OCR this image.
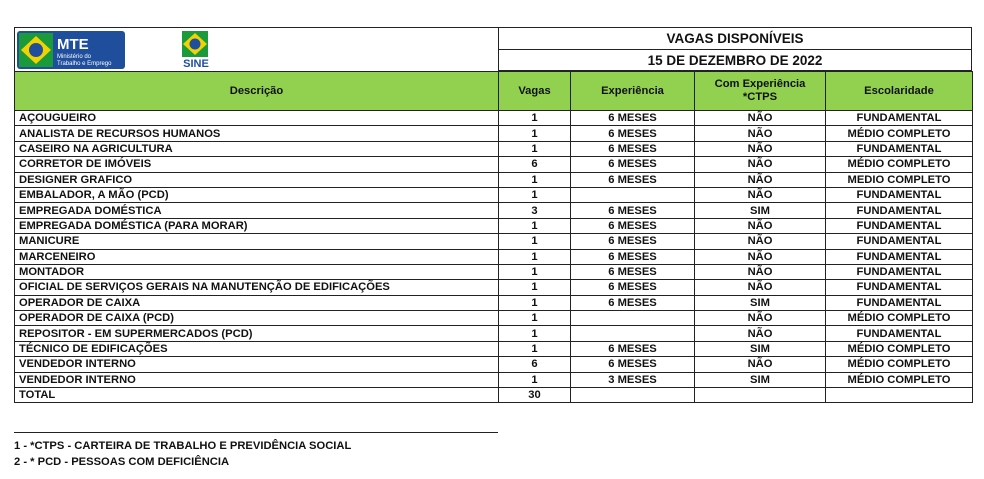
MTE
Ministério do
Trabalho e Emprego	SINE
VAGAS DISPONÍVEIS
15 DE DEZEMBRO DE 2022
Descrição	Vagas	Experiência	Com Experiência *CTPS	Escolaridade
AÇOUGUEIRO	1	6 MESES	NÃO	FUNDAMENTAL
ANALISTA DE RECURSOS HUMANOS	1	6 MESES	NÃO	MÉDIO COMPLETO
CASEIRO NA AGRICULTURA	1	6 MESES	NÃO	FUNDAMENTAL
CORRETOR DE IMÓVEIS	6	6 MESES	NÃO	MÉDIO COMPLETO
DESIGNER GRAFICO	1	6 MESES	NÃO	MEDIO COMPLETO
EMBALADOR, A MÃO (PCD)	1		NÃO	FUNDAMENTAL
EMPREGADA DOMÉSTICA	3	6 MESES	SIM	FUNDAMENTAL
EMPREGADA DOMÉSTICA (PARA MORAR)	1	6 MESES	NÃO	FUNDAMENTAL
MANICURE	1	6 MESES	NÃO	FUNDAMENTAL
MARCENEIRO	1	6 MESES	NÃO	FUNDAMENTAL
MONTADOR	1	6 MESES	NÃO	FUNDAMENTAL
OFICIAL DE SERVIÇOS GERAIS NA MANUTENÇÃO DE EDIFICAÇÕES	1	6 MESES	NÃO	FUNDAMENTAL
OPERADOR DE CAIXA	1	6 MESES	SIM	FUNDAMENTAL
OPERADOR DE CAIXA (PCD)	1		NÃO	MÉDIO COMPLETO
REPOSITOR - EM SUPERMERCADOS (PCD)	1		NÃO	FUNDAMENTAL
TÉCNICO DE EDIFICAÇÕES	1	6 MESES	SIM	MÉDIO COMPLETO
VENDEDOR INTERNO	6	6 MESES	NÃO	MÉDIO COMPLETO
VENDEDOR INTERNO	1	3 MESES	SIM	MÉDIO COMPLETO
TOTAL	30			
1 - *CTPS - CARTEIRA DE TRABALHO E PREVIDÊNCIA SOCIAL
2 - * PCD - PESSOAS COM DEFICIÊNCIA
